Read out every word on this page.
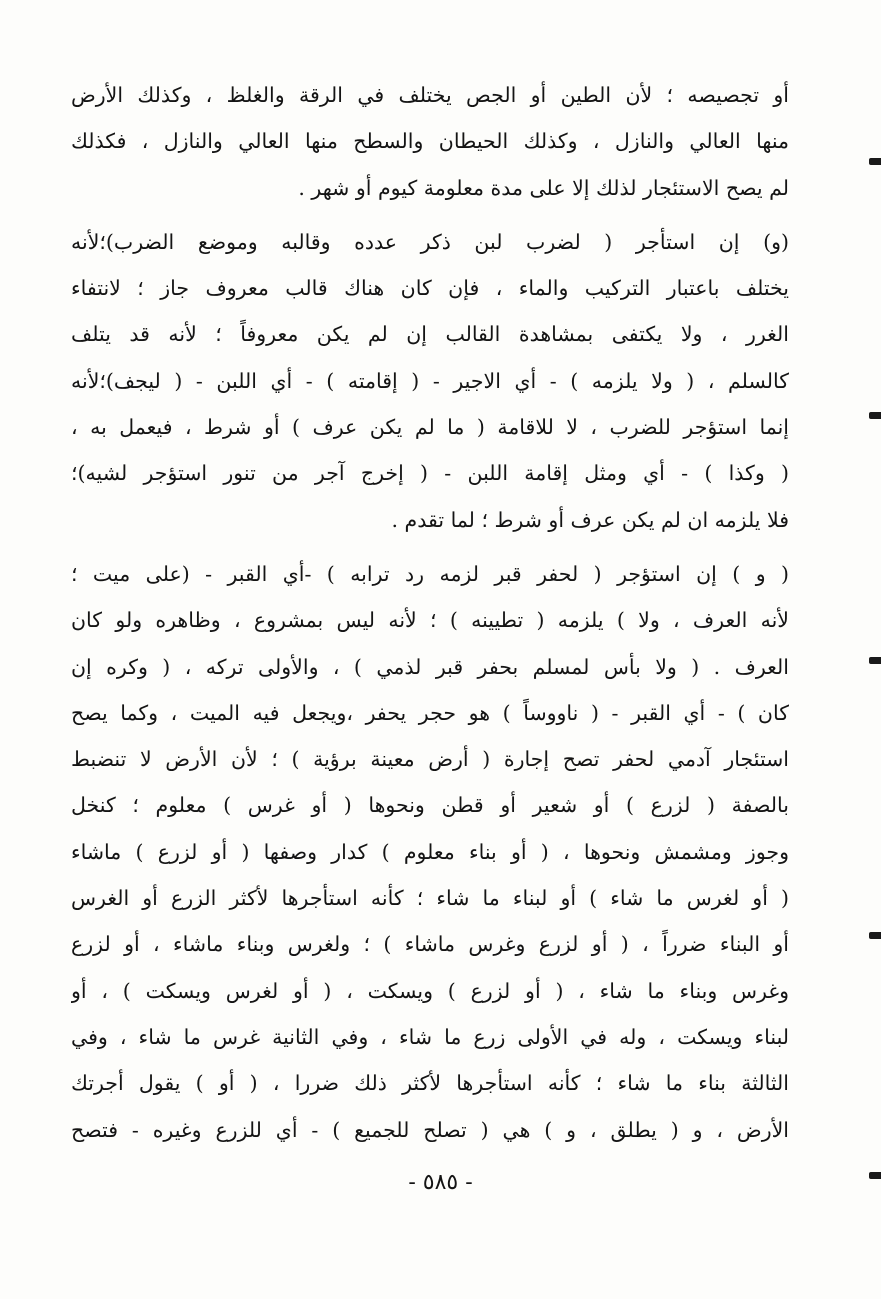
أو تجصيصه ؛ لأن الطين أو الجص يختلف في الرقة والغلظ ، وكذلك الأرض
منها العالي والنازل ، وكذلك الحيطان والسطح منها العالي والنازل ، فكذلك
لم يصح الاستئجار لذلك إلا على مدة معلومة كيوم أو شهر .
(و) إن استأجر ( لضرب لبن ذكر عدده وقالبه وموضع الضرب)؛لأنه
يختلف باعتبار التركيب والماء ، فإن كان هناك قالب معروف جاز ؛ لانتفاء
الغرر ، ولا يكتفى بمشاهدة القالب إن لم يكن معروفاً ؛ لأنه قد يتلف
كالسلم ، ( ولا يلزمه ) - أي الاجير - ( إقامته ) - أي اللبن - ( ليجف)؛لأنه
إنما استؤجر للضرب ، لا للاقامة ( ما لم يكن عرف ) أو شرط ، فيعمل به ،
( وكذا ) - أي ومثل إقامة اللبن - ( إخرج آجر من تنور استؤجر لشيه)؛
فلا يلزمه ان لم يكن عرف أو شرط ؛ لما تقدم .
( و ) إن استؤجر ( لحفر قبر لزمه رد ترابه ) -أي القبر - (على ميت ؛
لأنه العرف ، ولا ) يلزمه ( تطيينه ) ؛ لأنه ليس بمشروع ، وظاهره ولو كان
العرف . ( ولا بأس لمسلم بحفر قبر لذمي ) ، والأولى تركه ، ( وكره إن
كان ) - أي القبر - ( ناووساً ) هو حجر يحفر ،ويجعل فيه الميت ، وكما يصح
استئجار آدمي لحفر تصح إجارة ( أرض معينة برؤية ) ؛ لأن الأرض لا تنضبط
بالصفة ( لزرع ) أو شعير أو قطن ونحوها ( أو غرس ) معلوم ؛ كنخل
وجوز ومشمش ونحوها ، ( أو بناء معلوم ) كدار وصفها ( أو لزرع ) ماشاء
( أو لغرس ما شاء ) أو لبناء ما شاء ؛ كأنه استأجرها لأكثر الزرع أو الغرس
أو البناء ضرراً ، ( أو لزرع وغرس ماشاء ) ؛ ولغرس وبناء ماشاء ، أو لزرع
وغرس وبناء ما شاء ، ( أو لزرع ) ويسكت ، ( أو لغرس ويسكت ) ، أو
لبناء ويسكت ، وله في الأولى زرع ما شاء ، وفي الثانية غرس ما شاء ، وفي
الثالثة بناء ما شاء ؛ كأنه استأجرها لأكثر ذلك ضررا ، ( أو ) يقول أجرتك
الأرض ، و ( يطلق ، و ) هي ( تصلح للجميع ) - أي للزرع وغيره - فتصح
- ٥٨٥ -
